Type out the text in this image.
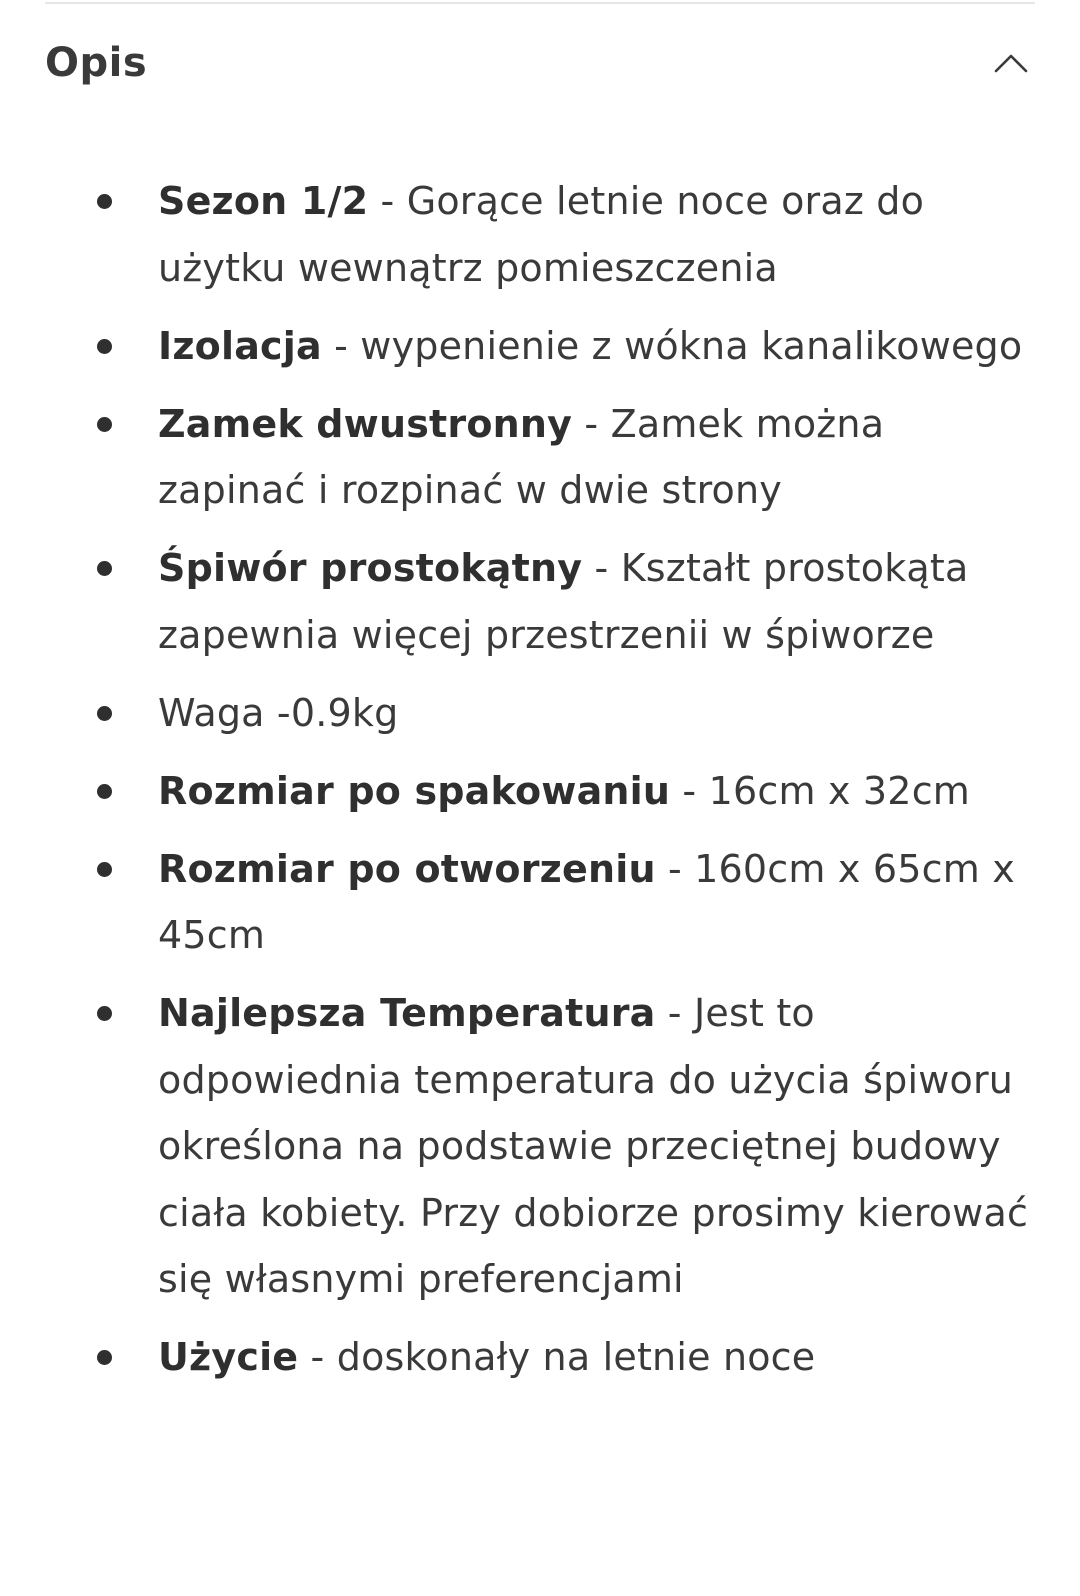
Opis
Sezon 1/2 - Gorące letnie noce oraz do użytku wewnątrz pomieszczenia
Izolacja - wypenienie z wókna kanalikowego
Zamek dwustronny - Zamek można zapinać i rozpinać w dwie strony
Śpiwór prostokątny - Kształt prostokąta zapewnia więcej przestrzenii w śpiworze
Waga -0.9kg
Rozmiar po spakowaniu - 16cm x 32cm
Rozmiar po otworzeniu - 160cm x 65cm x 45cm
Najlepsza Temperatura - Jest to odpowiednia temperatura do użycia śpiworu określona na podstawie przeciętnej budowy ciała kobiety. Przy dobiorze prosimy kierować się własnymi preferencjami
Użycie - doskonały na letnie noce
